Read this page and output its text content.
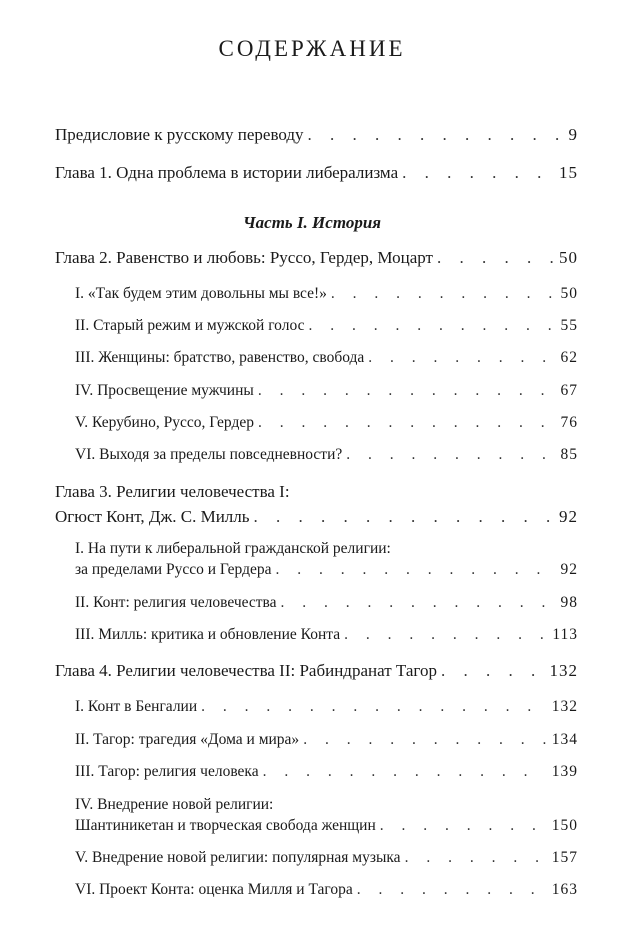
СОДЕРЖАНИЕ
Предисловие к русскому переводу . . .	9
Глава 1. Одна проблема в истории либерализма . . .	15
Часть I. История
Глава 2. Равенство и любовь: Руссо, Гердер, Моцарт . . .	50
I. «Так будем этим довольны мы все!» . . .	50
II. Старый режим и мужской голос . . .	55
III. Женщины: братство, равенство, свобода . . .	62
IV. Просвещение мужчины . . .	67
V. Керубино, Руссо, Гердер . . .	76
VI. Выходя за пределы повседневности? . . .	85
Глава 3. Религии человечества I:
Огюст Конт, Дж. С. Милль . . .	92
I. На пути к либеральной гражданской религии:
за пределами Руссо и Гердера . . .	92
II. Конт: религия человечества . . .	98
III. Милль: критика и обновление Конта . . .	113
Глава 4. Религии человечества II: Рабиндранат Тагор . . .	132
I. Конт в Бенгалии . . .	132
II. Тагор: трагедия «Дома и мира» . . .	134
III. Тагор: религия человека . . .	139
IV. Внедрение новой религии:
Шантиникетан и творческая свобода женщин . . .	150
V. Внедрение новой религии: популярная музыка . . .	157
VI. Проект Конта: оценка Милля и Тагора . . .	163
